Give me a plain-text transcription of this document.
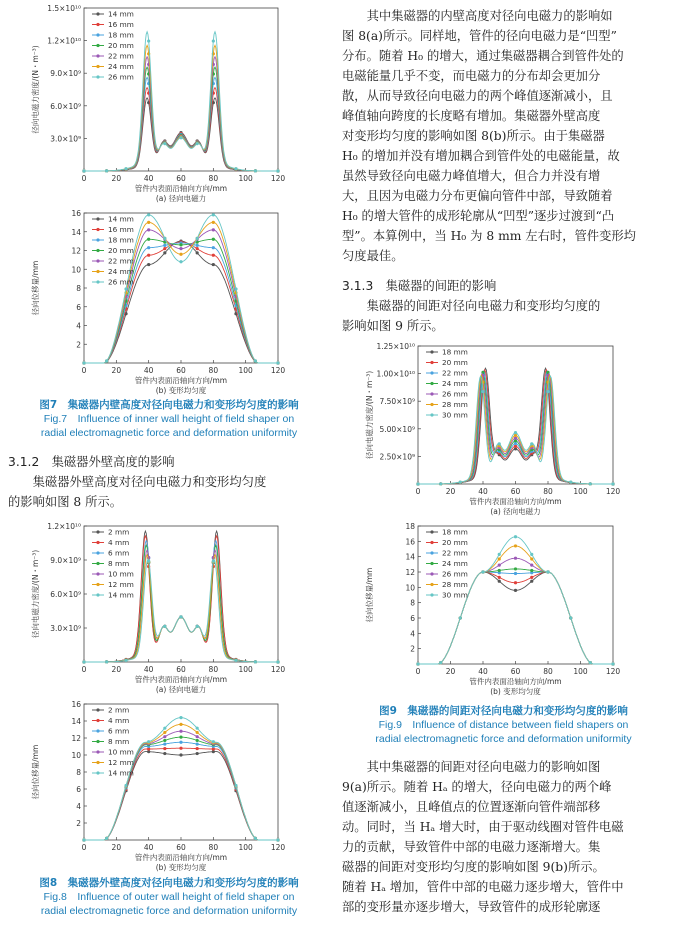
0	20	40	60	80	100 120
3.0×10⁹
6.0×10⁹
9.0×10⁹
1.2×10¹⁰
1.5×10¹⁰
管件内表面沿轴向方向/mm
(a) 径向电磁力
径向电磁力密度/(N・m⁻³)
14 mm
16 mm
18 mm
20 mm
22 mm
24 mm
26 mm
0	20	40	60	80	100 120
2
4
6
8
10
12
14
16
管件内表面沿轴向方向/mm
(b) 变形均匀度
径向位移量/mm
14 mm
16 mm
18 mm
20 mm
22 mm
24 mm
26 mm
图7　集磁器内壁高度对径向电磁力和变形均匀度的影响
Fig.7　Influence of inner wall height of field shaper on
radial electromagnetic force and deformation uniformity
3.1.2　集磁器外壁高度的影响

集磁器外壁高度对径向电磁力和变形均匀度

的影响如图 8 所示。

0	20	40	60	80	100 120
3.0×10⁹
6.0×10⁹
9.0×10⁹
1.2×10¹⁰
管件内表面沿轴向方向/mm
(a) 径向电磁力
径向电磁力密度/(N・m⁻³)
2 mm
4 mm
6 mm
8 mm
10 mm
12 mm
14 mm
0	20	40	60	80	100 120
2
4
6
8
10
12
14
16
管件内表面沿轴向方向/mm
(b) 变形均匀度
径向位移量/mm
2 mm
4 mm
6 mm
8 mm
10 mm
12 mm
14 mm
图8　集磁器外壁高度对径向电磁力和变形均匀度的影响
Fig.8　Influence of outer wall height of field shaper on
radial electromagnetic force and deformation uniformity

其中集磁器的内壁高度对径向电磁力的影响如

图 8(a)所示。同样地，管件的径向电磁力是“凹型”

分布。随着 H₀ 的增大，通过集磁器耦合到管件处的

电磁能量几乎不变，而电磁力的分布却会更加分

散，从而导致径向电磁力的两个峰值逐渐减小，且

峰值轴向跨度的长度略有增加。集磁器外壁高度

对变形均匀度的影响如图 8(b)所示。由于集磁器

H₀ 的增加并没有增加耦合到管件处的电磁能量，故

虽然导致径向电磁力峰值增大，但合力并没有增

大，且因为电磁力分布更偏向管件中部，导致随着

H₀ 的增大管件的成形轮廓从“凹型”逐步过渡到“凸

型”。本算例中，当 H₀ 为 8 mm 左右时，管件变形均

匀度最佳。

3.1.3　集磁器的间距的影响

集磁器的间距对径向电磁力和变形均匀度的

影响如图 9 所示。

0	20	40	60	80	100 120
2.50×10⁹
5.00×10⁹
7.50×10⁹
1.00×10¹⁰
1.25×10¹⁰
管件内表面沿轴向方向/mm
(a) 径向电磁力
径向电磁力密度/(N・m⁻³)
18 mm
20 mm
22 mm
24 mm
26 mm
28 mm
30 mm
0	20	40	60	80	100 120
2
4
6
8
10
12
14
16
18
管件内表面沿轴向方向/mm
(b) 变形均匀度
径向位移量/mm
18 mm
20 mm
22 mm
24 mm
26 mm
28 mm
30 mm
图9　集磁器的间距对径向电磁力和变形均匀度的影响
Fig.9　Influence of distance between field shapers on
radial electromagnetic force and deformation uniformity

其中集磁器的间距对径向电磁力的影响如图

9(a)所示。随着 Hₐ 的增大，径向电磁力的两个峰

值逐渐减小，且峰值点的位置逐渐向管件端部移

动。同时，当 Hₐ 增大时，由于驱动线圈对管件电磁

力的贡献，导致管件中部的电磁力逐渐增大。集

磁器的间距对变形均匀度的影响如图 9(b)所示。

随着 Hₐ 增加，管件中部的电磁力逐步增大，管件中

部的变形量亦逐步增大，导致管件的成形轮廓逐
